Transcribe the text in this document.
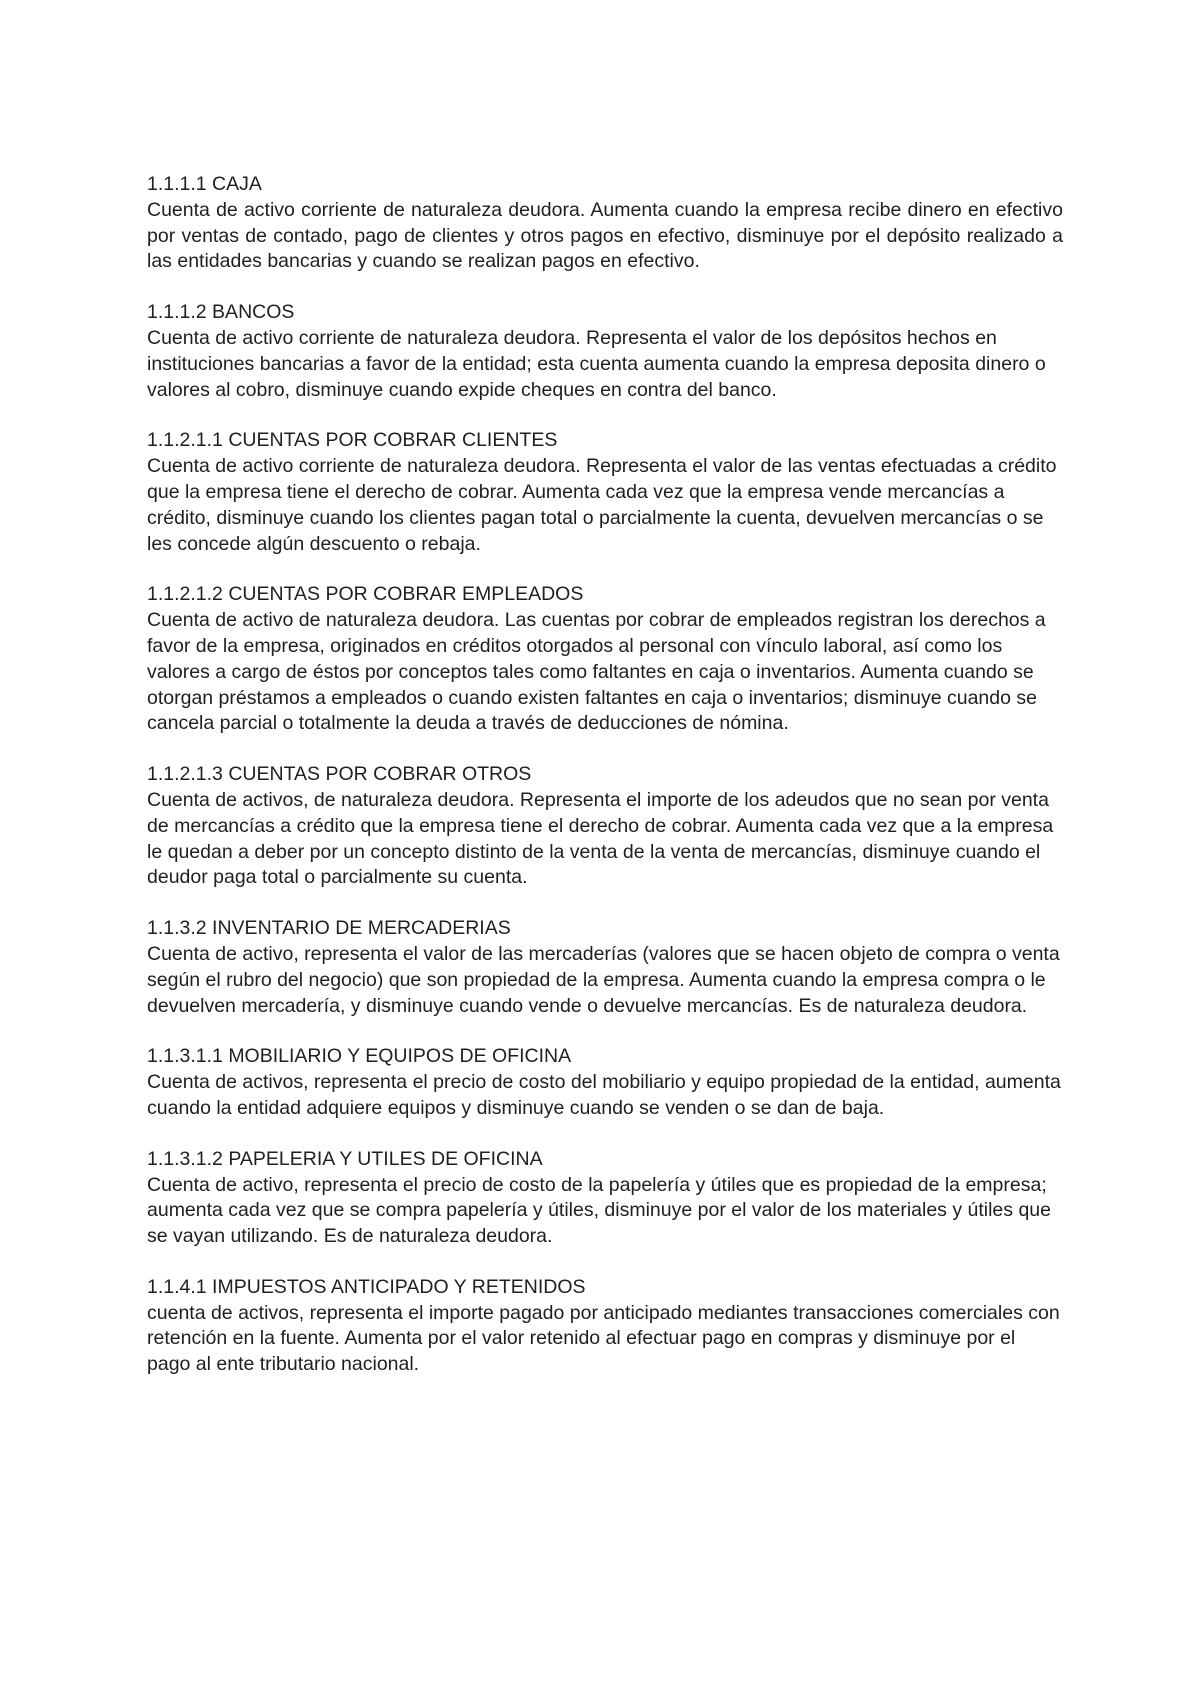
1.1.1.1 CAJA

Cuenta de activo corriente de naturaleza deudora. Aumenta cuando la empresa recibe dinero en efectivo por ventas de contado, pago de clientes y otros pagos en efectivo, disminuye por el depósito realizado a las entidades bancarias y cuando se realizan pagos en efectivo.

1.1.1.2 BANCOS

Cuenta de activo corriente de naturaleza deudora. Representa el valor de los depósitos hechos en instituciones bancarias a favor de la entidad; esta cuenta aumenta cuando la empresa deposita dinero o valores al cobro, disminuye cuando expide cheques en contra del banco.

1.1.2.1.1 CUENTAS POR COBRAR CLIENTES

Cuenta de activo corriente de naturaleza deudora. Representa el valor de las ventas efectuadas a crédito que la empresa tiene el derecho de cobrar. Aumenta cada vez que la empresa vende mercancías a crédito, disminuye cuando los clientes pagan total o parcialmente la cuenta, devuelven mercancías o se les concede algún descuento o rebaja.

1.1.2.1.2 CUENTAS POR COBRAR EMPLEADOS

Cuenta de activo de naturaleza deudora. Las cuentas por cobrar de empleados registran los derechos a favor de la empresa, originados en créditos otorgados al personal con vínculo laboral, así como los valores a cargo de éstos por conceptos tales como faltantes en caja o inventarios. Aumenta cuando se otorgan préstamos a empleados o cuando existen faltantes en caja o inventarios; disminuye cuando se cancela parcial o totalmente la deuda a través de deducciones de nómina.

1.1.2.1.3 CUENTAS POR COBRAR OTROS

Cuenta de activos, de naturaleza deudora. Representa el importe de los adeudos que no sean por venta de mercancías a crédito que la empresa tiene el derecho de cobrar. Aumenta cada vez que a la empresa le quedan a deber por un concepto distinto de la venta de la venta de mercancías, disminuye cuando el deudor paga total o parcialmente su cuenta.

1.1.3.2 INVENTARIO DE MERCADERIAS

Cuenta de activo, representa el valor de las mercaderías (valores que se hacen objeto de compra o venta según el rubro del negocio) que son propiedad de la empresa. Aumenta cuando la empresa compra o le devuelven mercadería, y disminuye cuando vende o devuelve mercancías. Es de naturaleza deudora.

1.1.3.1.1 MOBILIARIO Y EQUIPOS DE OFICINA

Cuenta de activos, representa el precio de costo del mobiliario y equipo propiedad de la entidad, aumenta cuando la entidad adquiere equipos y disminuye cuando se venden o se dan de baja.

1.1.3.1.2 PAPELERIA Y UTILES DE OFICINA

Cuenta de activo, representa el precio de costo de la papelería y útiles que es propiedad de la empresa; aumenta cada vez que se compra papelería y útiles, disminuye por el valor de los materiales y útiles que se vayan utilizando. Es de naturaleza deudora.

1.1.4.1 IMPUESTOS ANTICIPADO Y RETENIDOS

cuenta de activos, representa el importe pagado por anticipado mediantes transacciones comerciales con retención en la fuente. Aumenta por el valor retenido al efectuar pago en compras y disminuye por el pago al ente tributario nacional.
